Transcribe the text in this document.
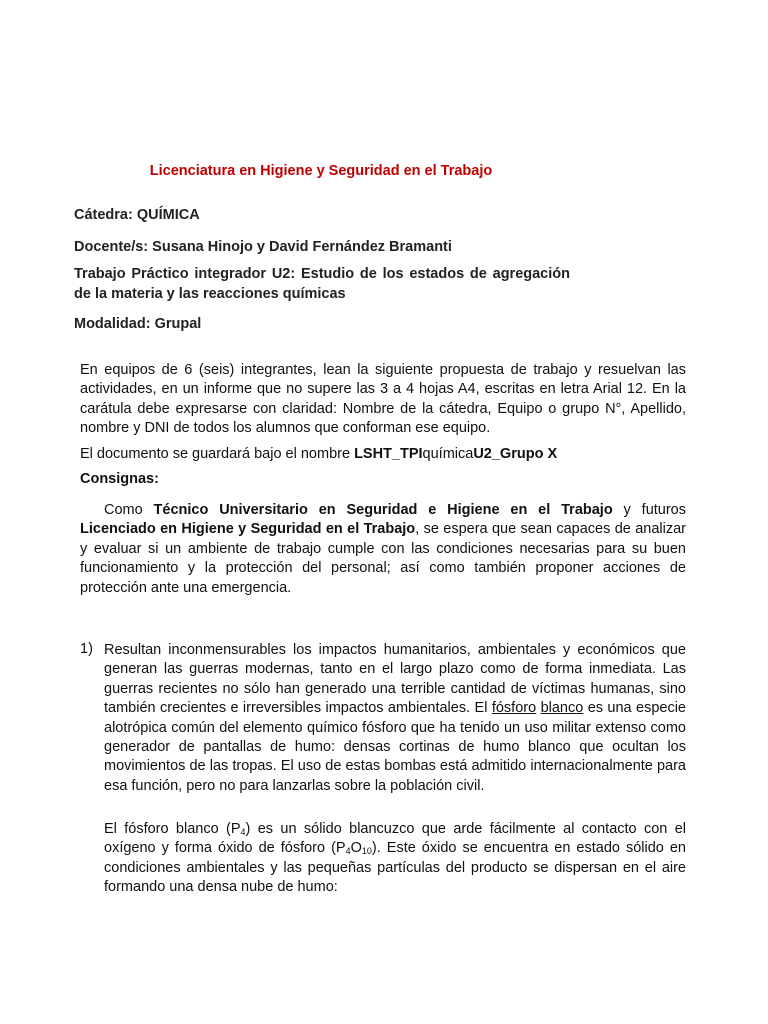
Licenciatura en Higiene y Seguridad en el Trabajo
Cátedra: QUÍMICA
Docente/s: Susana Hinojo y David Fernández Bramanti
Trabajo Práctico integrador U2: Estudio de los estados de agregación de la materia y las reacciones químicas
Modalidad: Grupal
En equipos de 6 (seis) integrantes, lean la siguiente propuesta de trabajo y resuelvan las actividades, en un informe que no supere las 3 a 4 hojas A4, escritas en letra Arial 12. En la carátula debe expresarse con claridad: Nombre de la cátedra, Equipo o grupo N°, Apellido, nombre y DNI de todos los alumnos que conforman ese equipo.
El documento se guardará bajo el nombre LSHT_TPIquímicaU2_Grupo X
Consignas:
Como Técnico Universitario en Seguridad e Higiene en el Trabajo y futuros Licenciado en Higiene y Seguridad en el Trabajo, se espera que sean capaces de analizar y evaluar si un ambiente de trabajo cumple con las condiciones necesarias para su buen funcionamiento y la protección del personal; así como también proponer acciones de protección ante una emergencia.
1) Resultan inconmensurables los impactos humanitarios, ambientales y económicos que generan las guerras modernas, tanto en el largo plazo como de forma inmediata. Las guerras recientes no sólo han generado una terrible cantidad de víctimas humanas, sino también crecientes e irreversibles impactos ambientales. El fósforo blanco es una especie alotrópica común del elemento químico fósforo que ha tenido un uso militar extenso como generador de pantallas de humo: densas cortinas de humo blanco que ocultan los movimientos de las tropas. El uso de estas bombas está admitido internacionalmente para esa función, pero no para lanzarlas sobre la población civil.
El fósforo blanco $(P_4)$ es un sólido blancuzco que arde fácilmente al contacto con el oxígeno y forma óxido de fósforo $(P_4O_{10})$. Este óxido se encuentra en estado sólido en condiciones ambientales y las pequeñas partículas del producto se dispersan en el aire formando una densa nube de humo:
